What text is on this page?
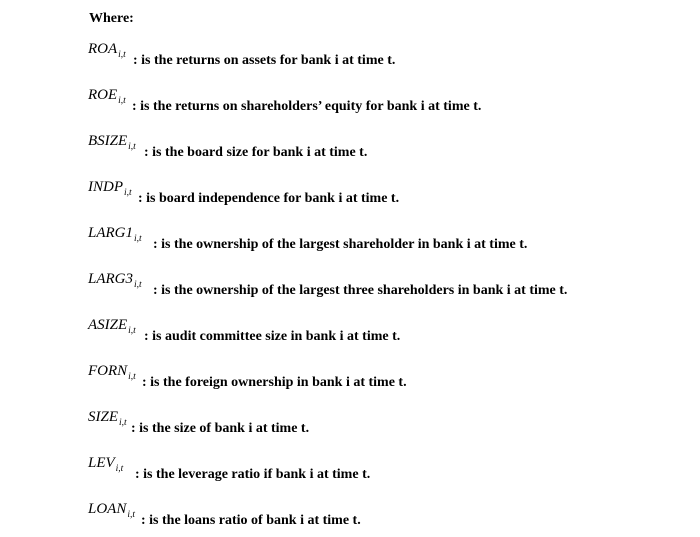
Where:
$ROA_{i,t}$ : is the returns on assets for bank i at time t.
$ROE_{i,t}$ : is the returns on shareholders’ equity for bank i at time t.
$BSIZE_{i,t}$ : is the board size for bank i at time t.
$INDP_{i,t}$ : is board independence for bank i at time t.
$LARG1_{i,t}$ : is the ownership of the largest shareholder in bank i at time t.
$LARG3_{i,t}$ : is the ownership of the largest three shareholders in bank i at time t.
$ASIZE_{i,t}$ : is audit committee size in bank i at time t.
$FORN_{i,t}$ : is the foreign ownership in bank i at time t.
$SIZE_{i,t}$ : is the size of bank i at time t.
$LEV_{i,t}$ : is the leverage ratio if bank i at time t.
$LOAN_{i,t}$ : is the loans ratio of bank i at time t.
